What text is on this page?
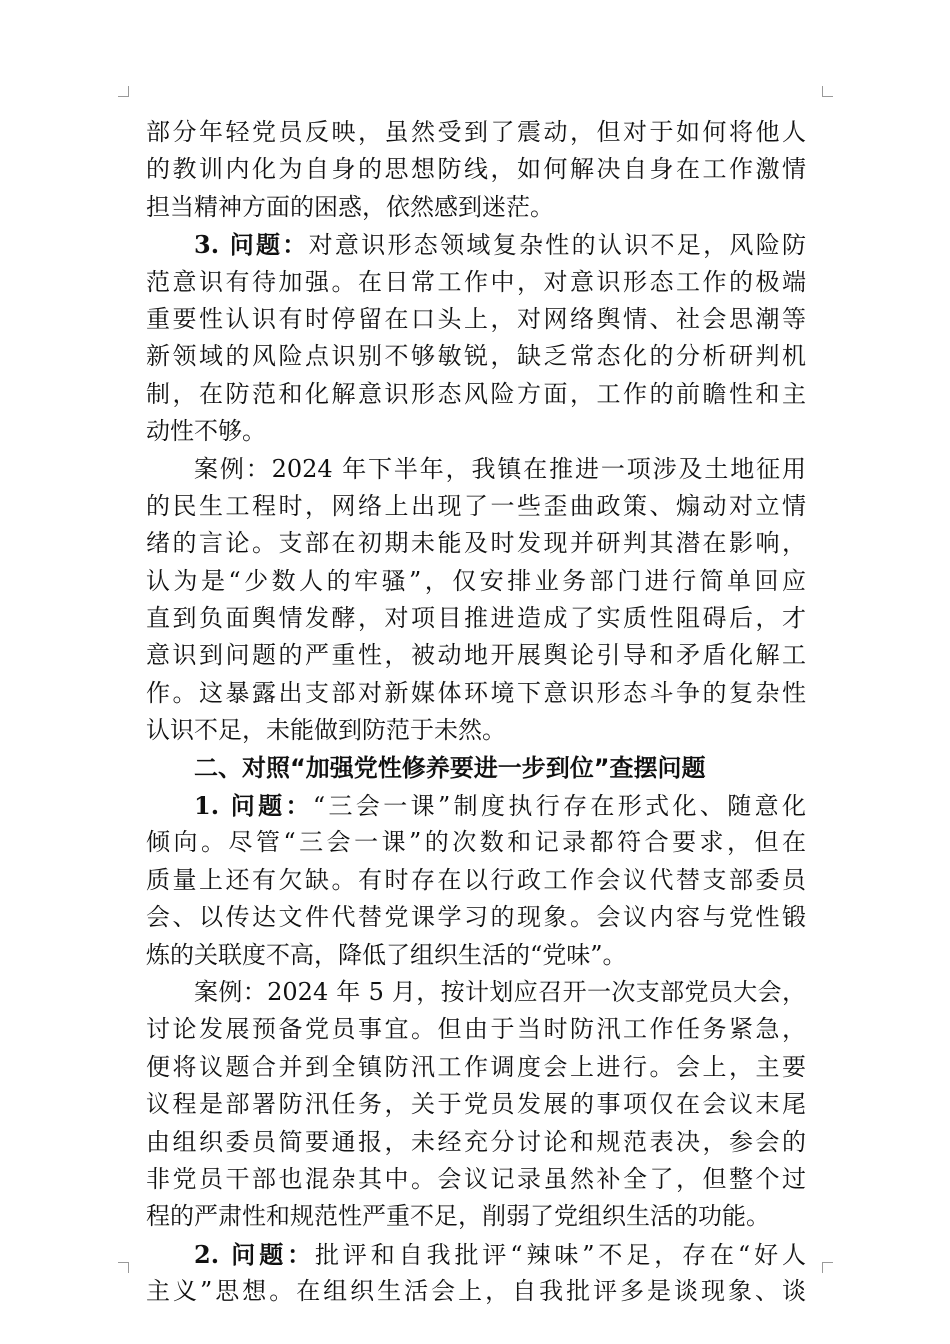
部分年轻党员反映，虽然受到了震动，但对于如何将他人
的教训内化为自身的思想防线，如何解决自身在工作激情
担当精神方面的困惑，依然感到迷茫。
3. 问题：对意识形态领域复杂性的认识不足，风险防
范意识有待加强。在日常工作中，对意识形态工作的极端
重要性认识有时停留在口头上，对网络舆情、社会思潮等
新领域的风险点识别不够敏锐，缺乏常态化的分析研判机
制，在防范和化解意识形态风险方面，工作的前瞻性和主
动性不够。
案例：2024 年下半年，我镇在推进一项涉及土地征用
的民生工程时，网络上出现了一些歪曲政策、煽动对立情
绪的言论。支部在初期未能及时发现并研判其潜在影响，
认为是“少数人的牢骚”，仅安排业务部门进行简单回应
直到负面舆情发酵，对项目推进造成了实质性阻碍后，才
意识到问题的严重性，被动地开展舆论引导和矛盾化解工
作。这暴露出支部对新媒体环境下意识形态斗争的复杂性
认识不足，未能做到防范于未然。
二、对照“加强党性修养要进一步到位”查摆问题
1. 问题：“三会一课”制度执行存在形式化、随意化
倾向。尽管“三会一课”的次数和记录都符合要求，但在
质量上还有欠缺。有时存在以行政工作会议代替支部委员
会、以传达文件代替党课学习的现象。会议内容与党性锻
炼的关联度不高，降低了组织生活的“党味”。
案例：2024 年 5 月，按计划应召开一次支部党员大会，
讨论发展预备党员事宜。但由于当时防汛工作任务紧急，
便将议题合并到全镇防汛工作调度会上进行。会上，主要
议程是部署防汛任务，关于党员发展的事项仅在会议末尾
由组织委员简要通报，未经充分讨论和规范表决，参会的
非党员干部也混杂其中。会议记录虽然补全了，但整个过
程的严肃性和规范性严重不足，削弱了党组织生活的功能。
2. 问题：批评和自我批评“辣味”不足，存在“好人
主义”思想。在组织生活会上，自我批评多是谈现象、谈
